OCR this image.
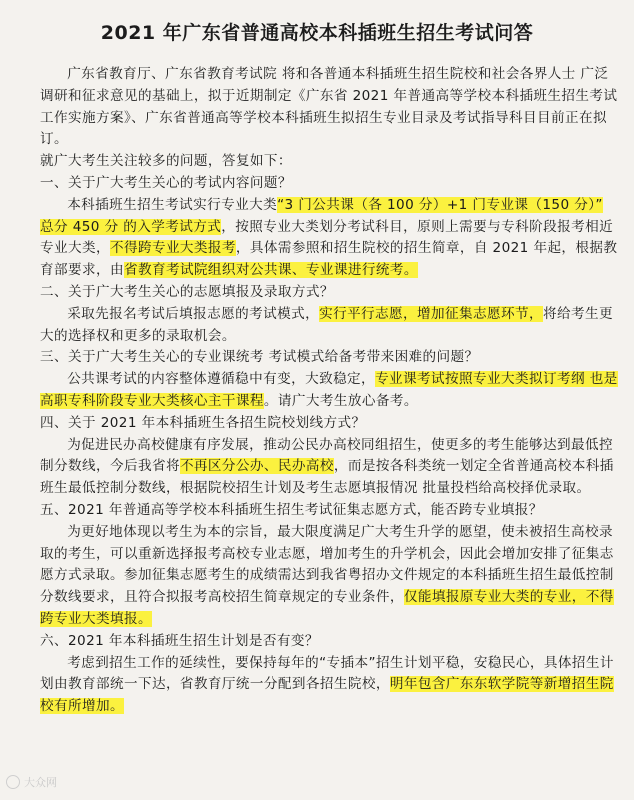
2021 年广东省普通高校本科插班生招生考试问答

广东省教育厅、广东省教育考试院 将和各普通本科插班生招生院校和社会各界人士 广泛调研和征求意见的基础上，拟于近期制定《广东省 2021 年普通高等学校本科插班生招生考试 工作实施方案》、广东省普通高等学校本科插班生拟招生专业目录及考试指导科目目前正在拟订。

就广大考生关注较多的问题，答复如下：

一、关于广大考生关心的考试内容问题？

本科插班生招生考试实行专业大类“3 门公共课（各 100 分）+1 门专业课（150 分）” 总分 450 分 的入学考试方式，按照专业大类划分考试科目，原则上需要与专科阶段报考相近专业大类，不得跨专业大类报考，具体需参照和招生院校的招生简章，自 2021 年起，根据教育部要求，由省教育考试院组织对公共课、专业课进行统考。

二、关于广大考生关心的志愿填报及录取方式？

采取先报名考试后填报志愿的考试模式，实行平行志愿，增加征集志愿环节，将给考生更大的选择权和更多的录取机会。

三、关于广大考生关心的专业课统考 考试模式给备考带来困难的问题？

公共课考试的内容整体遵循稳中有变，大致稳定，专业课考试按照专业大类拟订考纲 也是高职专科阶段专业大类核心主干课程。请广大考生放心备考。

四、关于 2021 年本科插班生各招生院校划线方式？

为促进民办高校健康有序发展，推动公民办高校同组招生，使更多的考生能够达到最低控制分数线，今后我省将不再区分公办、民办高校，而是按各科类统一划定全省普通高校本科插班生最低控制分数线，根据院校招生计划及考生志愿填报情况 批量投档给高校择优录取。

五、2021 年普通高等学校本科插班生招生考试征集志愿方式，能否跨专业填报？

为更好地体现以考生为本的宗旨，最大限度满足广大考生升学的愿望，使未被招生高校录取的考生，可以重新选择报考高校专业志愿，增加考生的升学机会，因此会增加安排了征集志愿方式录取。参加征集志愿考生的成绩需达到我省粤招办文件规定的本科插班生招生最低控制分数线要求，且符合拟报考高校招生简章规定的专业条件，仅能填报原专业大类的专业，不得跨专业大类填报。

六、2021 年本科插班生招生计划是否有变？

考虑到招生工作的延续性，要保持每年的“专插本”招生计划平稳，安稳民心，具体招生计划由教育部统一下达，省教育厅统一分配到各招生院校，明年包含广东东软学院等新增招生院校有所增加。

大众网
